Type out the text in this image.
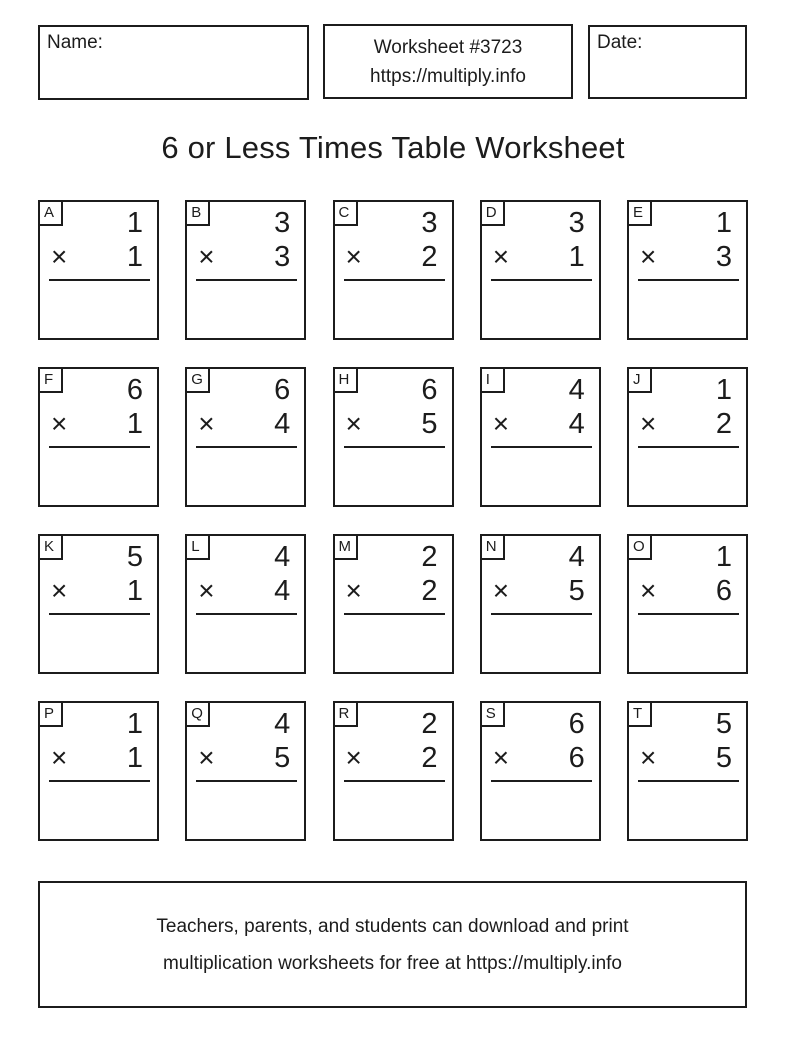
Name:	Worksheet #3723
https://multiply.info
Date:
6 or Less Times Table Worksheet
A	1
× 1
B	3
× 3
C	3
× 2
D	3
× 1
E	1
× 3
F	6
× 1
G	6
× 4
H	6
× 5
I	4
× 4
J	1
× 2
K	5
× 1
L	4
× 4
M	2
× 2
N	4
× 5
O	1
× 6
P	1
× 1
Q	4
× 5
R	2
× 2
S	6
× 6
T	5
× 5
Teachers, parents, and students can download and print
multiplication worksheets for free at https://multiply.info
